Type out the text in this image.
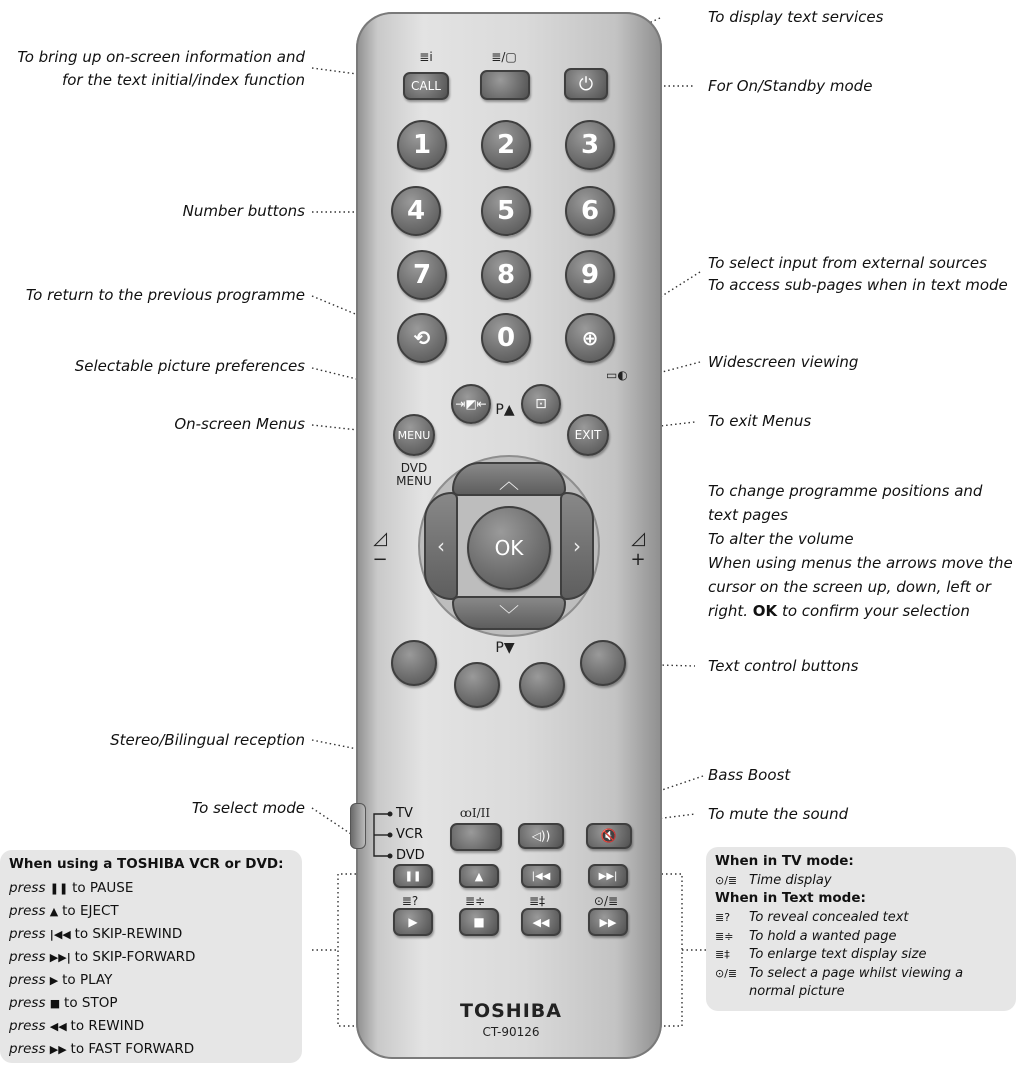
TV
VCR
DVD
≣i	≣/▢
CALL	⏻
1	2	3
4	5	6
7	8	9
⟲	0	⊕
⇥◩⇤	⊡
▭◐
MENU	EXIT
P▲
DVD
MENU	︿
﹀
‹	›
OK
◿
−
◿
+
P▼
ꝏI/II
◁))	🔇
❚❚	▲	|◀◀	▶▶|
≣?	≣≑	≣‡	⊙/≣
▶	■	◀◀	▶▶
TOSHIBA
CT-90126
To bring up on-screen information and
for the text initial/index function
Number buttons
To return to the previous programme
Selectable picture preferences
On-screen Menus
Stereo/Bilingual reception
To select mode
To display text services
For On/Standby mode
To select input from external sources
To access sub-pages when in text mode
Widescreen viewing
To exit Menus
To change programme positions and
text pages
To alter the volume
When using menus the arrows move the
cursor on the screen up, down, left or
right. OK to confirm your selection
Text control buttons
Bass Boost
To mute the sound
When using a TOSHIBA VCR or DVD:
press ❚❚ to PAUSE
press ▲ to EJECT
press |◀◀ to SKIP-REWIND
press ▶▶| to SKIP-FORWARD
press ▶ to PLAY
press ■ to STOP
press ◀◀ to REWIND
press ▶▶ to FAST FORWARD
When in TV mode:
⊙/≣ Time display
When in Text mode:
≣?	To reveal concealed text
≣≑	To hold a wanted page
≣‡	To enlarge text display size
⊙/≣ To select a page whilst viewing a
normal picture
